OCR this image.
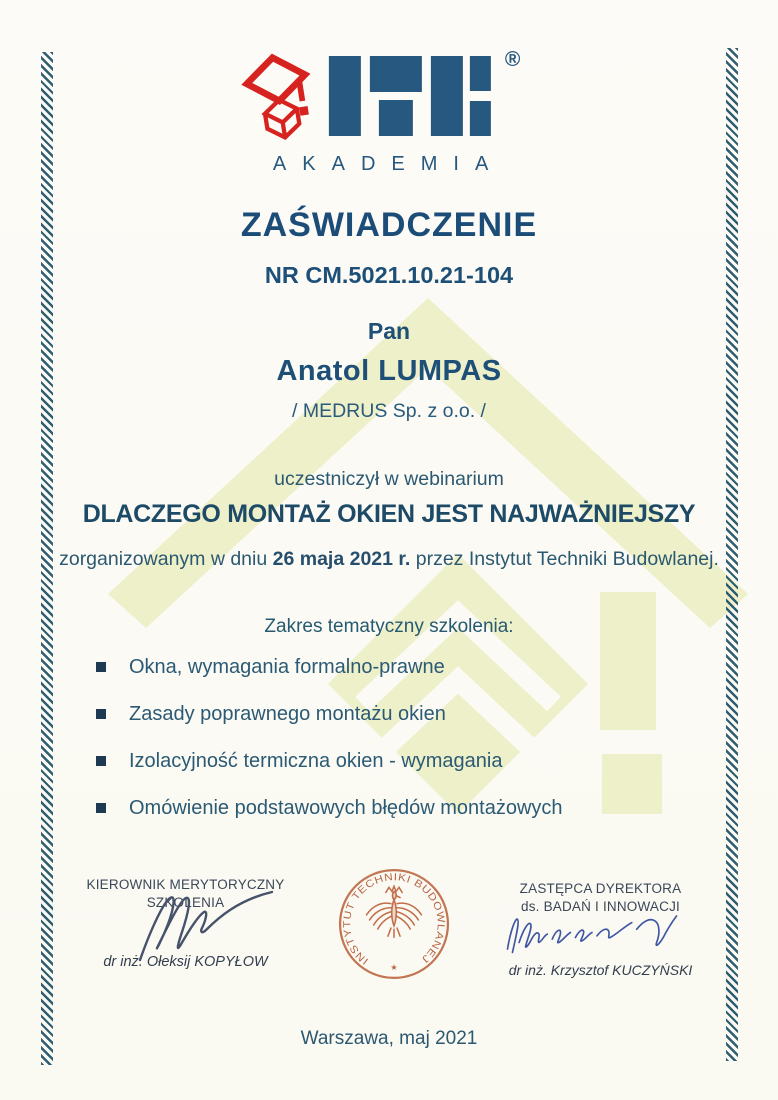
®
AKADEMIA
ZAŚWIADCZENIE
NR CM.5021.10.21-104
Pan
Anatol LUMPAS
/ MEDRUS Sp. z o.o. /
uczestniczył w webinarium
DLACZEGO MONTAŻ OKIEN JEST NAJWAŻNIEJSZY
zorganizowanym w dniu 26 maja 2021 r. przez Instytut Techniki Budowlanej.
Zakres tematyczny szkolenia:
Okna, wymagania formalno-prawne
Zasady poprawnego montażu okien
Izolacyjność termiczna okien - wymagania
Omówienie podstawowych błędów montażowych
KIEROWNIK MERYTORYCZNY
SZKOLENIA
dr inż. Ołeksij KOPYŁOW	INSTYTUT TECHNIKI BUDOWLANEJ
★
ZASTĘPCA DYREKTORA
ds. BADAŃ I INNOWACJI
dr inż. Krzysztof KUCZYŃSKI
Warszawa, maj 2021
